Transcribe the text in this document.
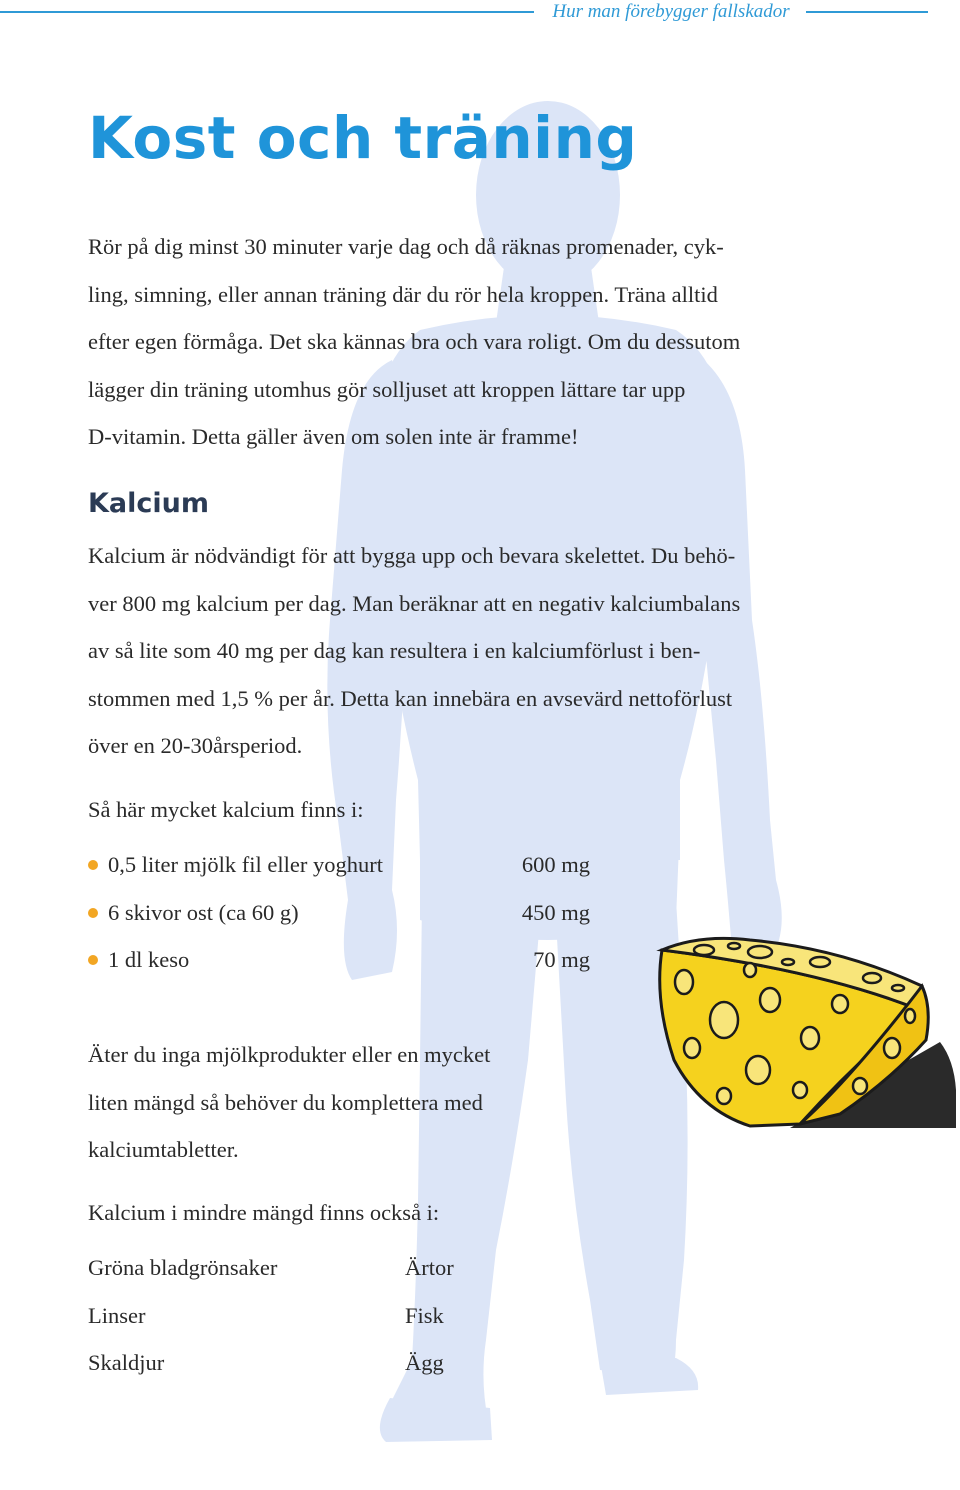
Hur man förebygger fallskador
Kost och träning
Rör på dig minst 30 minuter varje dag och då räknas promenader, cyk-
ling, simning, eller annan träning där du rör hela kroppen. Träna alltid
efter egen förmåga. Det ska kännas bra och vara roligt. Om du dessutom
lägger din träning utomhus gör solljuset att kroppen lättare tar upp
D-vitamin. Detta gäller även om solen inte är framme!
Kalcium
Kalcium är nödvändigt för att bygga upp och bevara skelettet. Du behö-
ver 800 mg kalcium per dag. Man beräknar att en negativ kalciumbalans
av så lite som 40 mg per dag kan resultera i en kalciumförlust i ben-
stommen med 1,5 % per år. Detta kan innebära en avsevärd nettoförlust
över en 20-30årsperiod.

Så här mycket kalcium finns i:

0,5 liter mjölk fil eller yoghurt	600 mg
6 skivor ost (ca 60 g)	450 mg
1 dl keso	70 mg
Äter du inga mjölkprodukter eller en mycket
liten mängd så behöver du komplettera med
kalciumtabletter.

Kalcium i mindre mängd finns också i:

Gröna bladgrönsaker	Ärtor
Linser	Fisk
Skaldjur	Ägg
